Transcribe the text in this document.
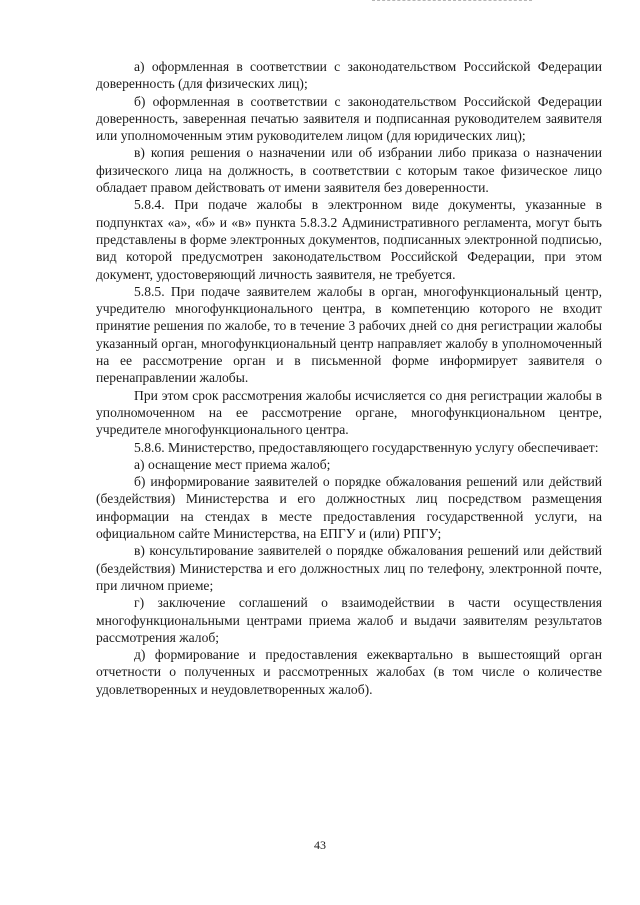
а) оформленная в соответствии с законодательством Российской Федерации доверенность (для физических лиц);

б) оформленная в соответствии с законодательством Российской Федерации доверенность, заверенная печатью заявителя и подписанная руководителем заявителя или уполномоченным этим руководителем лицом (для юридических лиц);

в) копия решения о назначении или об избрании либо приказа о назначении физического лица на должность, в соответствии с которым такое физическое лицо обладает правом действовать от имени заявителя без доверенности.

5.8.4. При подаче жалобы в электронном виде документы, указанные в подпунктах «а», «б» и «в» пункта 5.8.3.2 Административного регламента, могут быть представлены в форме электронных документов, подписанных электронной подписью, вид которой предусмотрен законодательством Российской Федерации, при этом документ, удостоверяющий личность заявителя, не требуется.

5.8.5. При подаче заявителем жалобы в орган, многофункциональный центр, учредителю многофункционального центра, в компетенцию которого не входит принятие решения по жалобе, то в течение 3 рабочих дней со дня регистрации жалобы указанный орган, многофункциональный центр направляет жалобу в уполномоченный на ее рассмотрение орган и в письменной форме информирует заявителя о перенаправлении жалобы.

При этом срок рассмотрения жалобы исчисляется со дня регистрации жалобы в уполномоченном на ее рассмотрение органе, многофункциональном центре, учредителе многофункционального центра.

5.8.6. Министерство, предоставляющего государственную услугу обеспечивает:

а) оснащение мест приема жалоб;

б) информирование заявителей о порядке обжалования решений или действий (бездействия) Министерства и его должностных лиц посредством размещения информации на стендах в месте предоставления государственной услуги, на официальном сайте Министерства, на ЕПГУ и (или) РПГУ;

в) консультирование заявителей о порядке обжалования решений или действий (бездействия) Министерства и его должностных лиц по телефону, электронной почте, при личном приеме;

г) заключение соглашений о взаимодействии в части осуществления многофункциональными центрами приема жалоб и выдачи заявителям результатов рассмотрения жалоб;

д) формирование и предоставления ежеквартально в вышестоящий орган отчетности о полученных и рассмотренных жалобах (в том числе о количестве удовлетворенных и неудовлетворенных жалоб).

43
